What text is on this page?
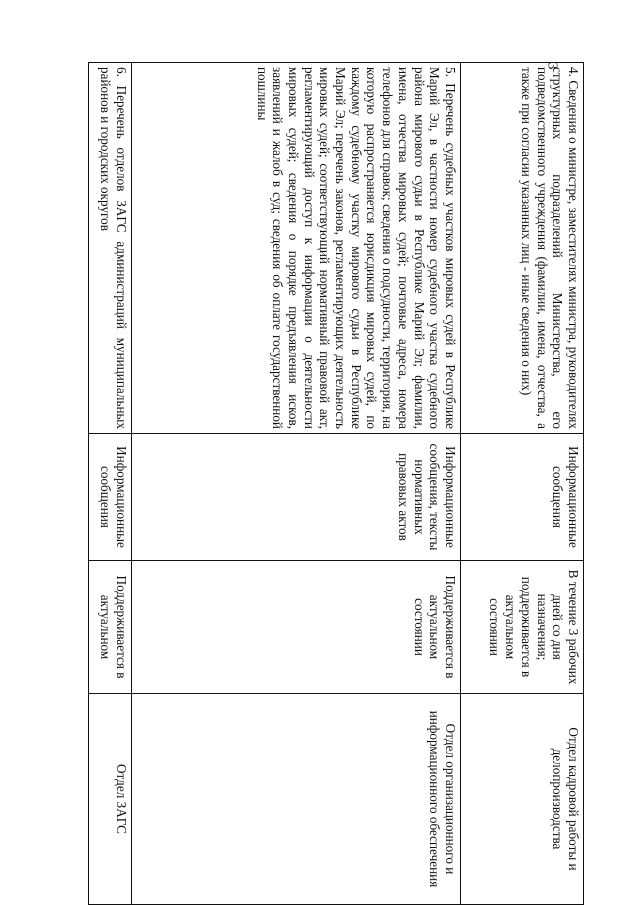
3
4. Сведения о министре, заместителях министра, руководителях структурных подразделений Министерства, его подведомственного учреждения (фамилии, имена, отчества, а также при согласии указанных лиц - иные сведения о них)	Информационные сообщения	В течение 3 рабочих дней со дня назначения; поддерживается в актуальном состоянии	Отдел кадровой работы и делопроизводства
5. Перечень судебных участков мировых судей в Республике Марий Эл, в частности номер судебного участка судебного района мирового судьи в Республике Марий Эл; фамилии, имена, отчества мировых судей; почтовые адреса, номера телефонов для справок; сведения о подсудности, территория, на которую распространяется юрисдикция мировых судей, по каждому судебному участку мирового судьи в Республике Марий Эл; перечень законов, регламентирующих деятельность мировых судей; соответствующий нормативный правовой акт, регламентирующий доступ к информации о деятельности мировых судей; сведения о порядке предъявления исков, заявлений и жалоб в суд; сведения об оплате государственной пошлины	Информационные сообщения, тексты нормативных правовых актов	Поддерживается в актуальном состоянии	Отдел организационного и информационного обеспечения
6. Перечень отделов ЗАГС администраций муниципальных районов и городских округов	Информационные сообщения	Поддерживается в актуальном	Отдел ЗАГС
